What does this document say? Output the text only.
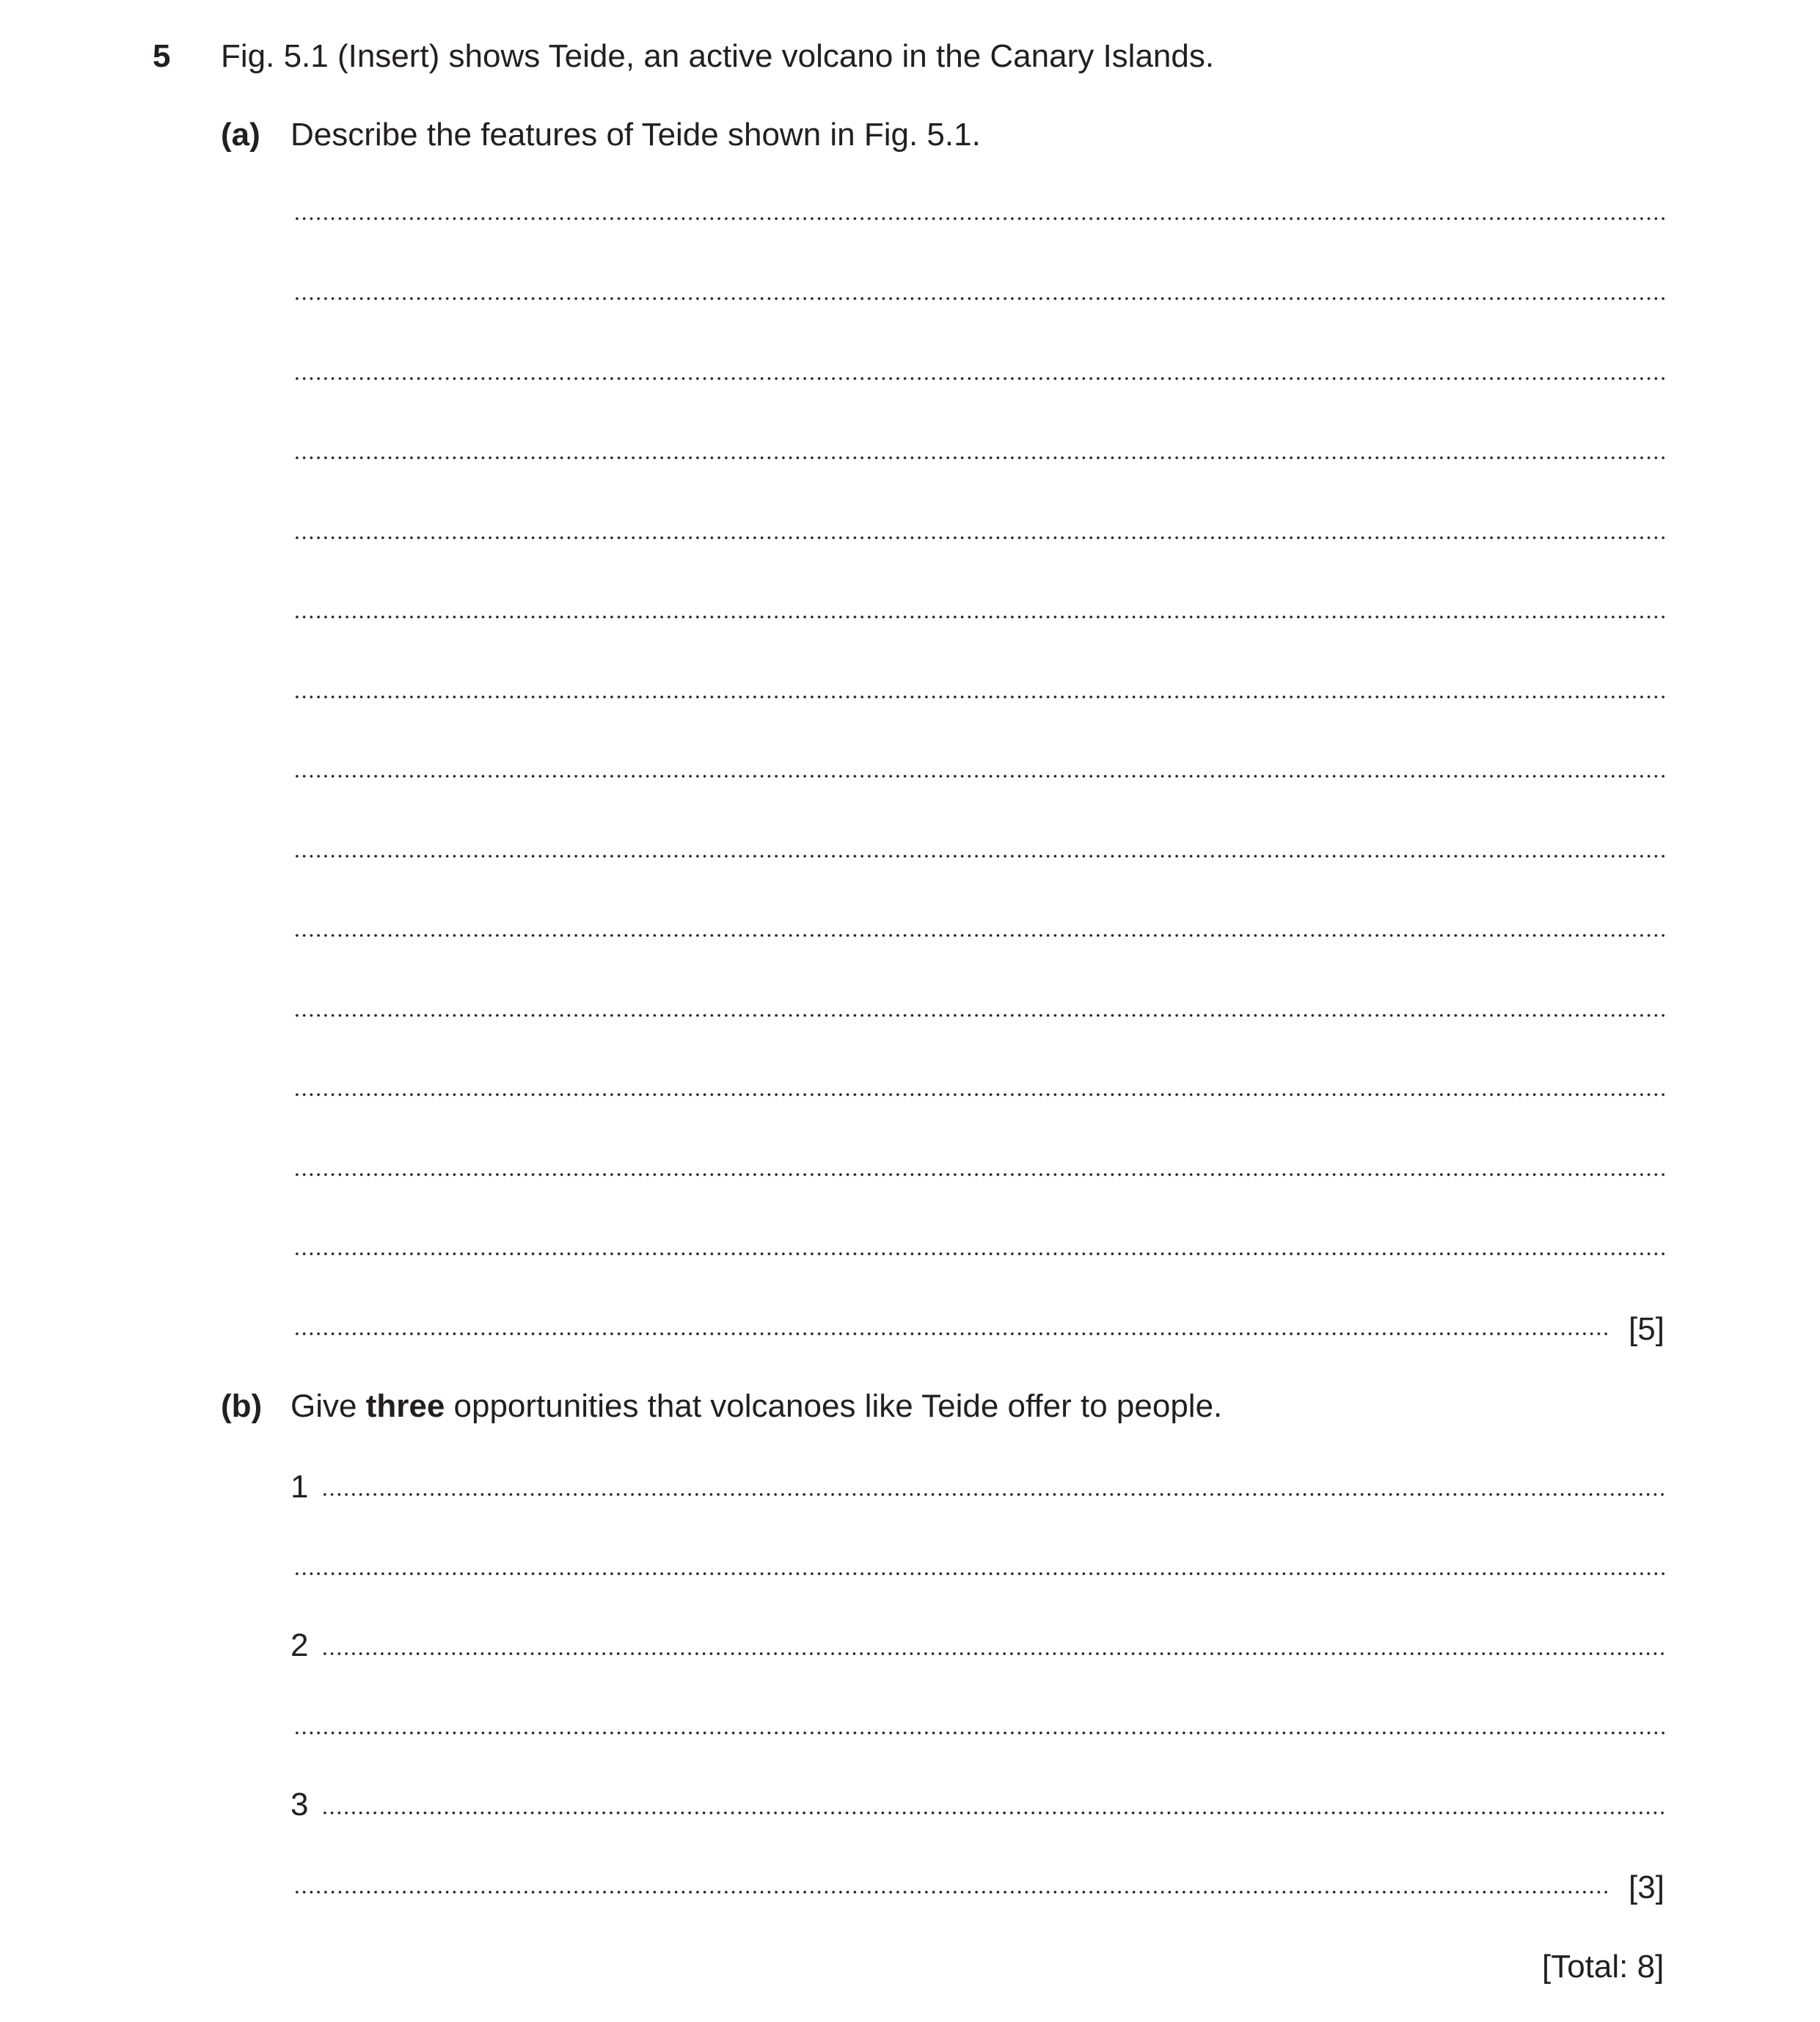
5 Fig. 5.1 (Insert) shows Teide, an active volcano in the Canary Islands.
(a) Describe the features of Teide shown in Fig. 5.1.
[5]
(b) Give three opportunities that volcanoes like Teide offer to people.
1
2
3
[3]
[Total: 8]
